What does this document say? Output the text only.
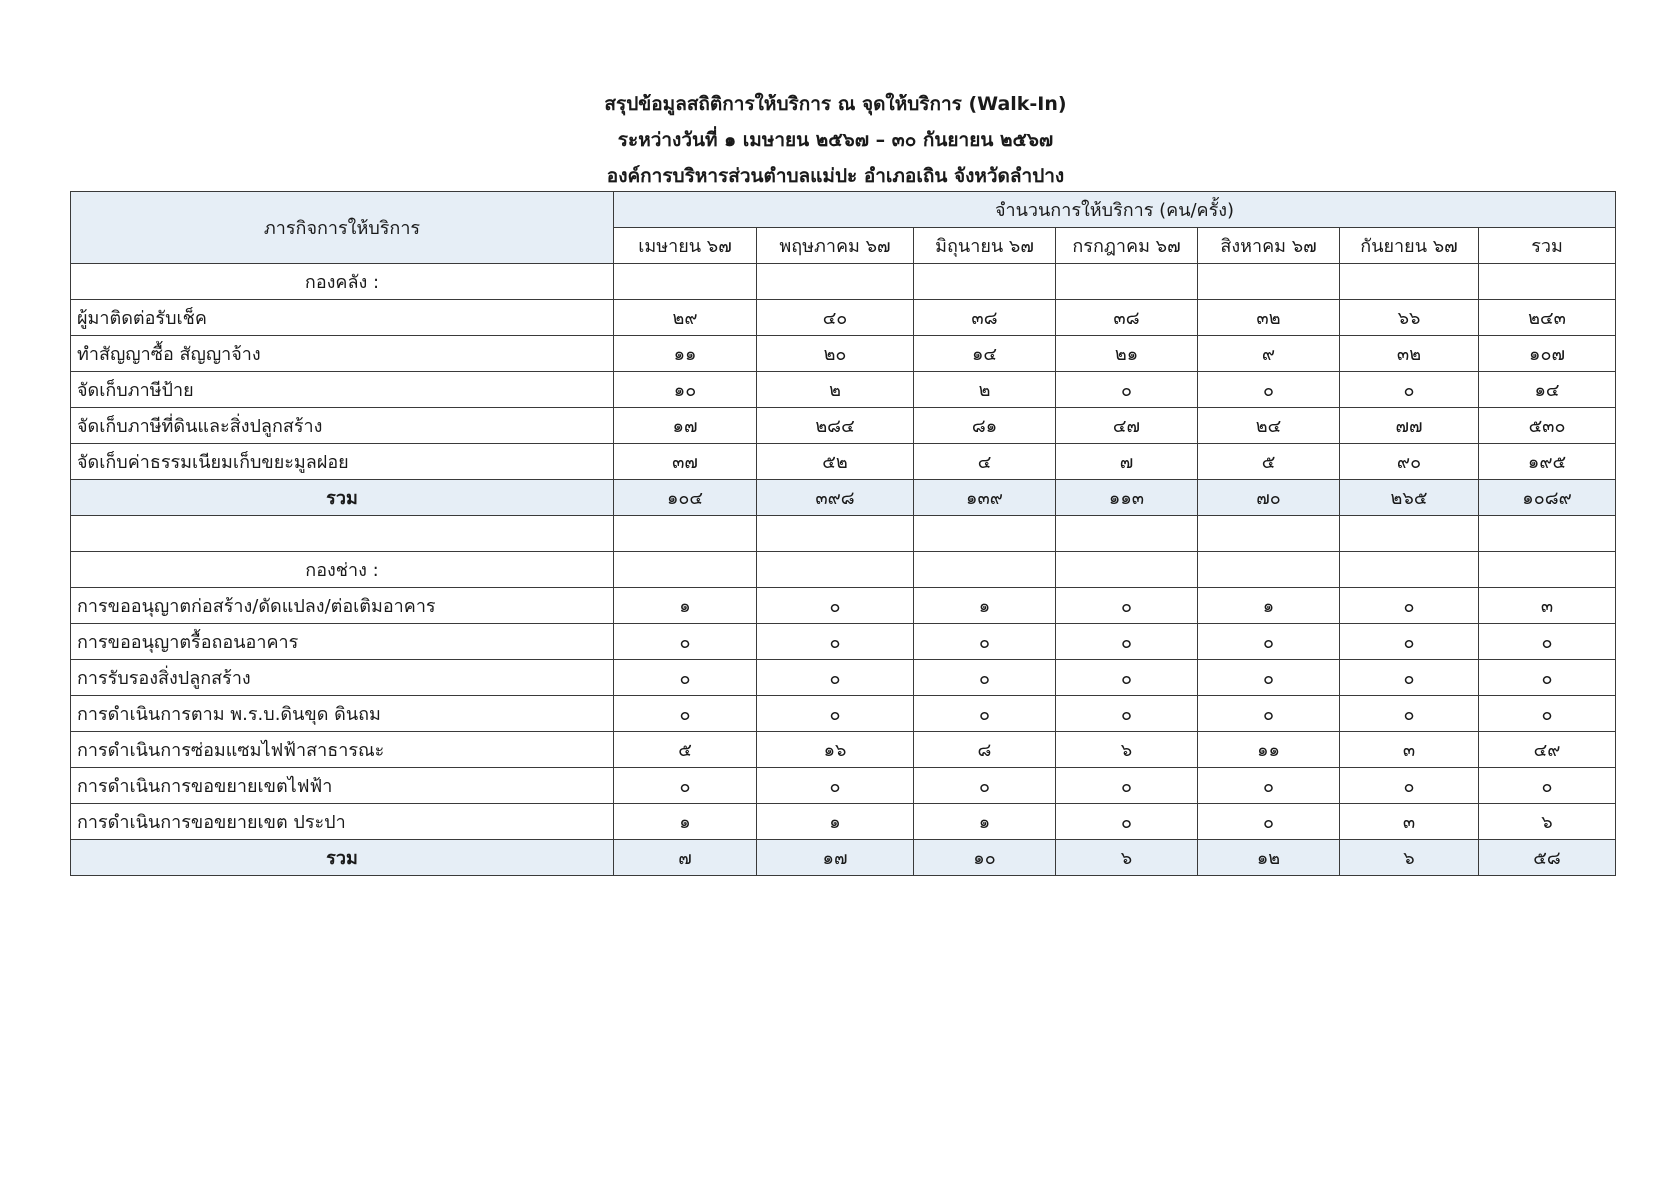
สรุปข้อมูลสถิติการให้บริการ ณ จุดให้บริการ (Walk-In)
ระหว่างวันที่ ๑ เมษายน ๒๕๖๗ – ๓๐ กันยายน ๒๕๖๗
องค์การบริหารส่วนตำบลแม่ปะ อำเภอเถิน จังหวัดลำปาง
ภารกิจการให้บริการ	จำนวนการให้บริการ (คน/ครั้ง)						
	เมษายน ๖๗	พฤษภาคม ๖๗	มิถุนายน ๖๗	กรกฎาคม ๖๗	สิงหาคม ๖๗	กันยายน ๖๗	รวม
กองคลัง :							
ผู้มาติดต่อรับเช็ค	๒๙	๔๐	๓๘	๓๘	๓๒	๖๖	๒๔๓
ทำสัญญาซื้อ สัญญาจ้าง	๑๑	๒๐	๑๔	๒๑	๙	๓๒	๑๐๗
จัดเก็บภาษีป้าย	๑๐	๒	๒	๐	๐	๐	๑๔
จัดเก็บภาษีที่ดินและสิ่งปลูกสร้าง	๑๗	๒๘๔	๘๑	๔๗	๒๔	๗๗	๕๓๐
จัดเก็บค่าธรรมเนียมเก็บขยะมูลฝอย	๓๗	๕๒	๔	๗	๕	๙๐	๑๙๕
รวม	๑๐๔	๓๙๘	๑๓๙	๑๑๓	๗๐	๒๖๕	๑๐๘๙

กองช่าง :							
การขออนุญาตก่อสร้าง/ดัดแปลง/ต่อเติมอาคาร	๑	๐	๑	๐	๑	๐	๓
การขออนุญาตรื้อถอนอาคาร	๐	๐	๐	๐	๐	๐	๐
การรับรองสิ่งปลูกสร้าง	๐	๐	๐	๐	๐	๐	๐
การดำเนินการตาม พ.ร.บ.ดินขุด ดินถม	๐	๐	๐	๐	๐	๐	๐
การดำเนินการซ่อมแซมไฟฟ้าสาธารณะ	๕	๑๖	๘	๖	๑๑	๓	๔๙
การดำเนินการขอขยายเขตไฟฟ้า	๐	๐	๐	๐	๐	๐	๐
การดำเนินการขอขยายเขต ประปา	๑	๑	๑	๐	๐	๓	๖
รวม	๗	๑๗	๑๐	๖	๑๒	๖	๕๘
